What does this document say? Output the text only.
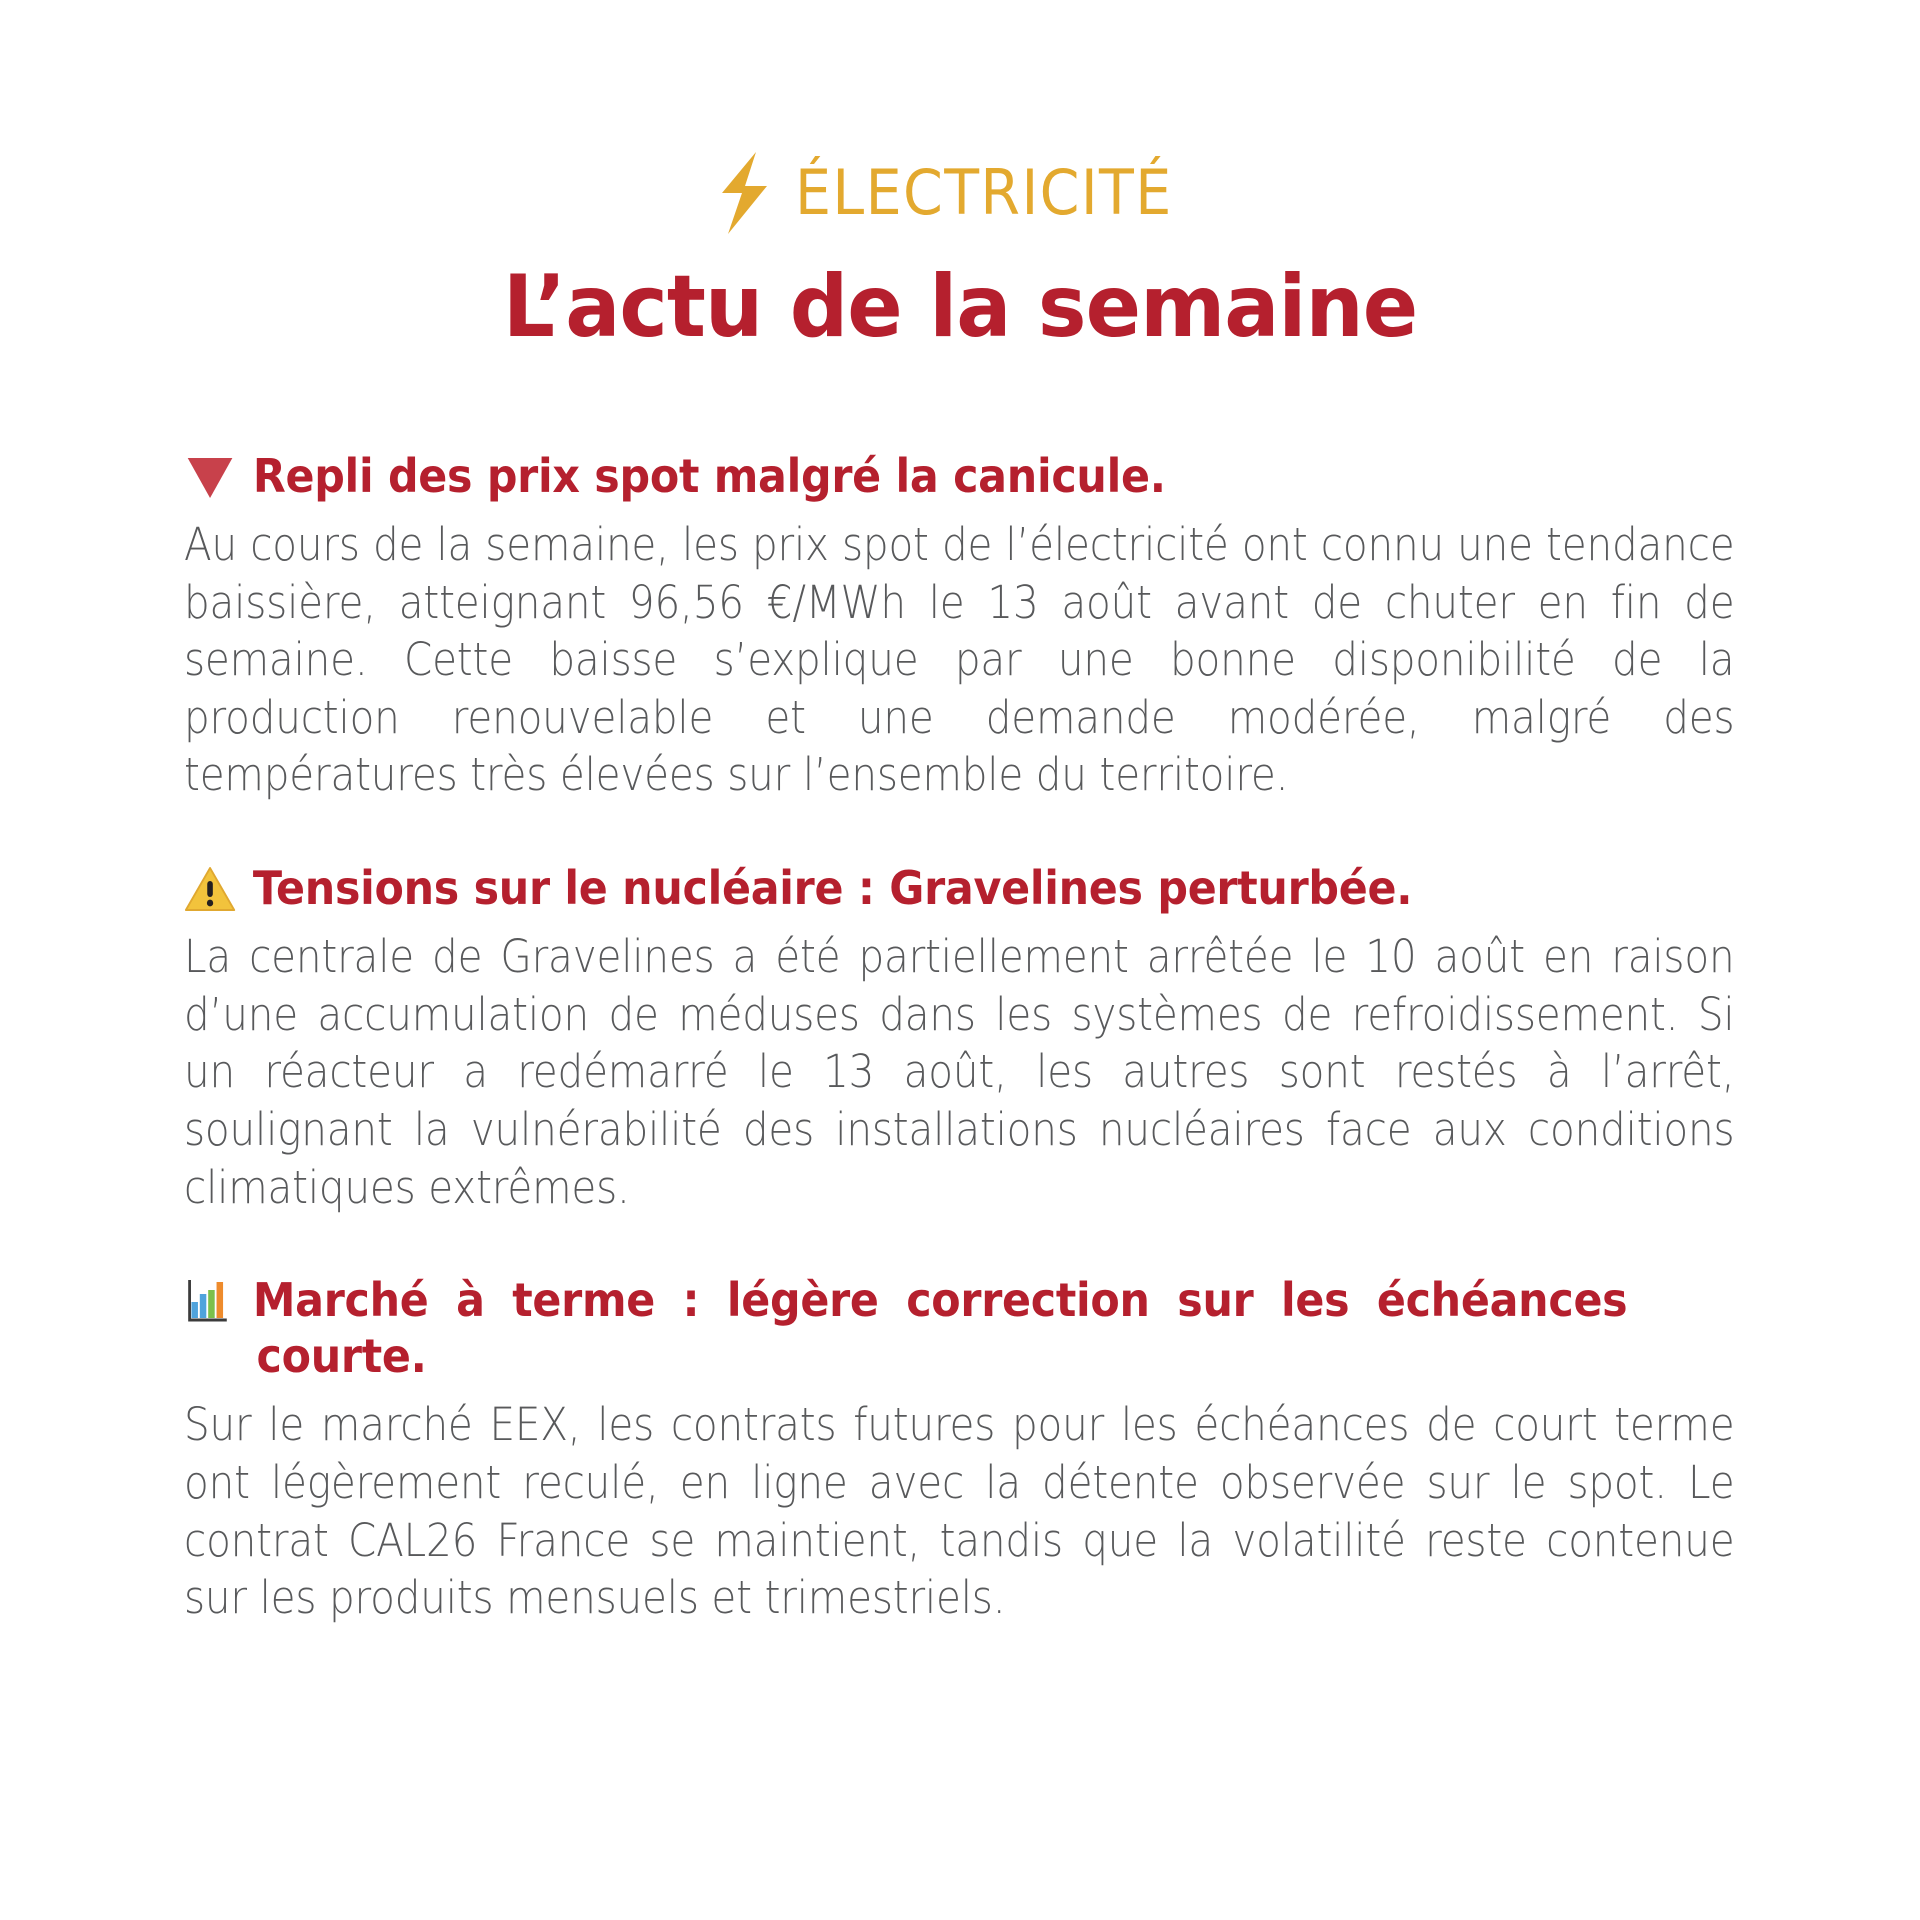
ÉLECTRICITÉ
L’actu de la semaine
Repli des prix spot malgré la canicule.
Au cours de la semaine, les prix spot de l’électricité ont connu une tendance baissière, atteignant 96,56 €/MWh le 13 août avant de chuter en fin de semaine. Cette baisse s’explique par une bonne disponibilité de la production renouvelable et une demande modérée, malgré des températures très élevées sur l’ensemble du territoire.
Tensions sur le nucléaire : Gravelines perturbée.
La centrale de Gravelines a été partiellement arrêtée le 10 août en raison d’une accumulation de méduses dans les systèmes de refroidissement. Si un réacteur a redémarré le 13 août, les autres sont restés à l’arrêt, soulignant la vulnérabilité des installations nucléaires face aux conditions climatiques extrêmes.
Marché à terme : légère correction sur les échéances courte.
Sur le marché EEX, les contrats futures pour les échéances de court terme ont légèrement reculé, en ligne avec la détente observée sur le spot. Le contrat CAL26 France se maintient, tandis que la volatilité reste contenue sur les produits mensuels et trimestriels.
